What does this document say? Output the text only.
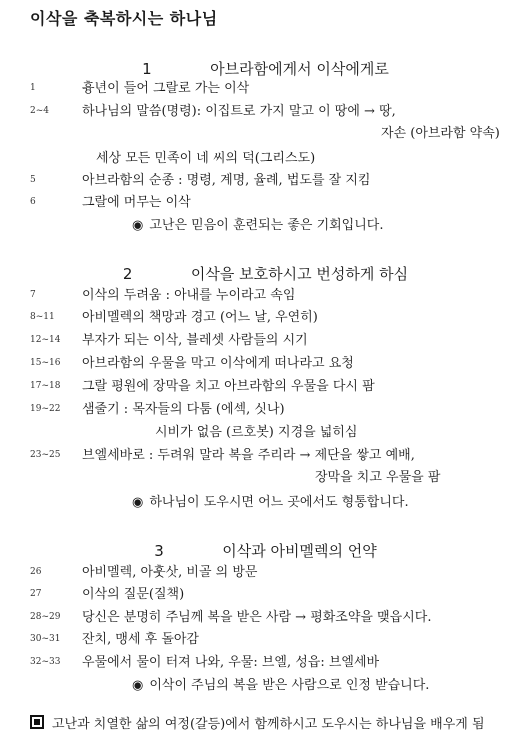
이삭을 축복하시는 하나님
1	아브라함에게서 이삭에게로
1	흉년이 들어 그랄로 가는 이삭
2~4	하나님의 말씀(명령): 이집트로 가지 말고 이 땅에 → 땅,
자손 (아브라함 약속)
세상 모든 민족이 네 씨의 덕(그리스도)
5	아브라함의 순종 : 명령, 계명, 율례, 법도를 잘 지킴
6	그랄에 머무는 이삭
◉ 고난은 믿음이 훈련되는 좋은 기회입니다.
2	이삭을 보호하시고 번성하게 하심
7	이삭의 두려움 : 아내를 누이라고 속임
8~11 아비멜렉의 책망과 경고 (어느 날, 우연히)
12~14 부자가 되는 이삭, 블레셋 사람들의 시기
15~16 아브라함의 우물을 막고 이삭에게 떠나라고 요청
17~18 그랄 평원에 장막을 치고 아브라함의 우물을 다시 팜
19~22 샘줄기 : 목자들의 다툼 (에섹, 싯나)
시비가 없음 (르호봇) 지경을 넓히심
23~25 브엘세바로 : 두려워 말라 복을 주리라 → 제단을 쌓고 예배,
장막을 치고 우물을 팜
◉ 하나님이 도우시면 어느 곳에서도 형통합니다.
3	이삭과 아비멜렉의 언약
26	아비멜렉, 아훗삿, 비골 의 방문
27	이삭의 질문(질책)
28~29 당신은 분명히 주님께 복을 받은 사람 → 평화조약을 맺읍시다.
30~31 잔치, 맹세 후 돌아감
32~33 우물에서 물이 터져 나와, 우물: 브엘, 성읍: 브엘세바
◉ 이삭이 주님의 복을 받은 사람으로 인정 받습니다.
고난과 치열한 삶의 여정(갈등)에서 함께하시고 도우시는 하나님을 배우게 됨
